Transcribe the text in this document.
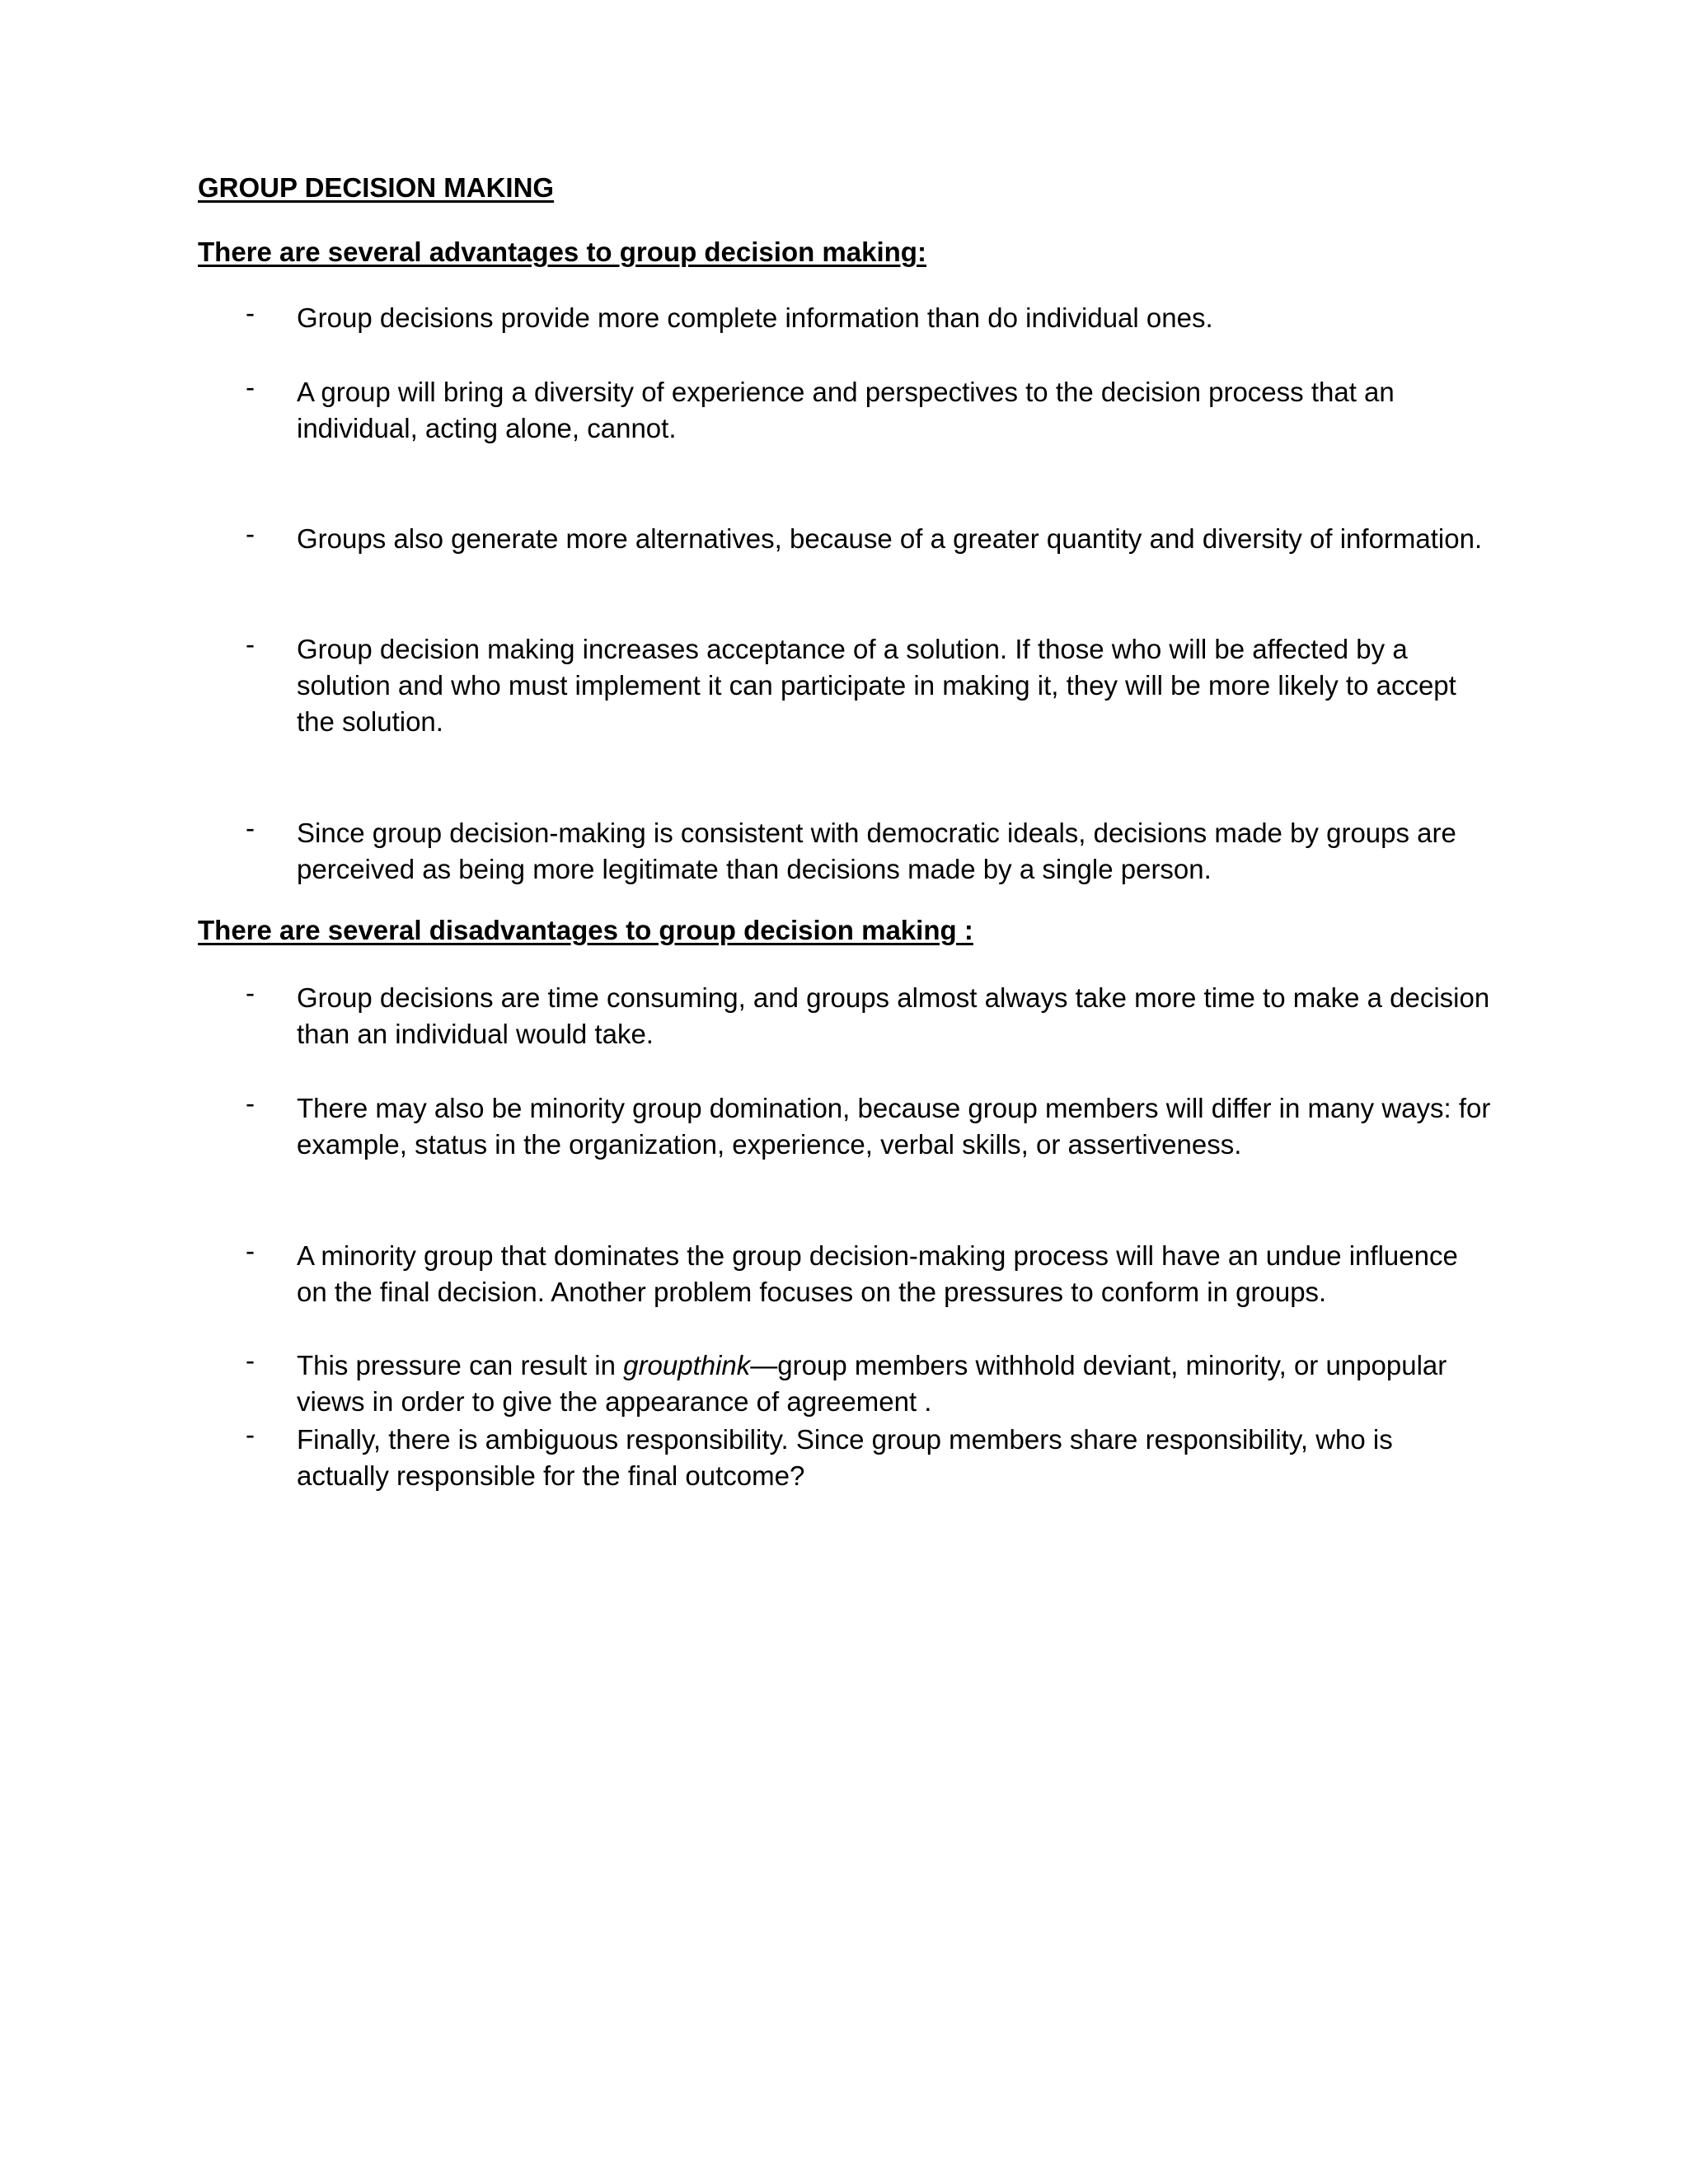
GROUP DECISION MAKING
There are several advantages to group decision making:
- Group decisions provide more complete information than do individual ones.
- A group will bring a diversity of experience and perspectives to the decision process that an individual, acting alone, cannot.
- Groups also generate more alternatives, because of a greater quantity and diversity of information.
- Group decision making increases acceptance of a solution. If those who will be affected by a solution and who must implement it can participate in making it, they will be more likely to accept the solution.
- Since group decision-making is consistent with democratic ideals, decisions made by groups are perceived as being more legitimate than decisions made by a single person.
There are several disadvantages to group decision making :
- Group decisions are time consuming, and groups almost always take more time to make a decision than an individual would take.
- There may also be minority group domination, because group members will differ in many ways: for example, status in the organization, experience, verbal skills, or assertiveness.
- A minority group that dominates the group decision-making process will have an undue influence on the final decision. Another problem focuses on the pressures to conform in groups.
- This pressure can result in groupthink—group members withhold deviant, minority, or unpopular views in order to give the appearance of agreement .
- Finally, there is ambiguous responsibility. Since group members share responsibility, who is actually responsible for the final outcome?
